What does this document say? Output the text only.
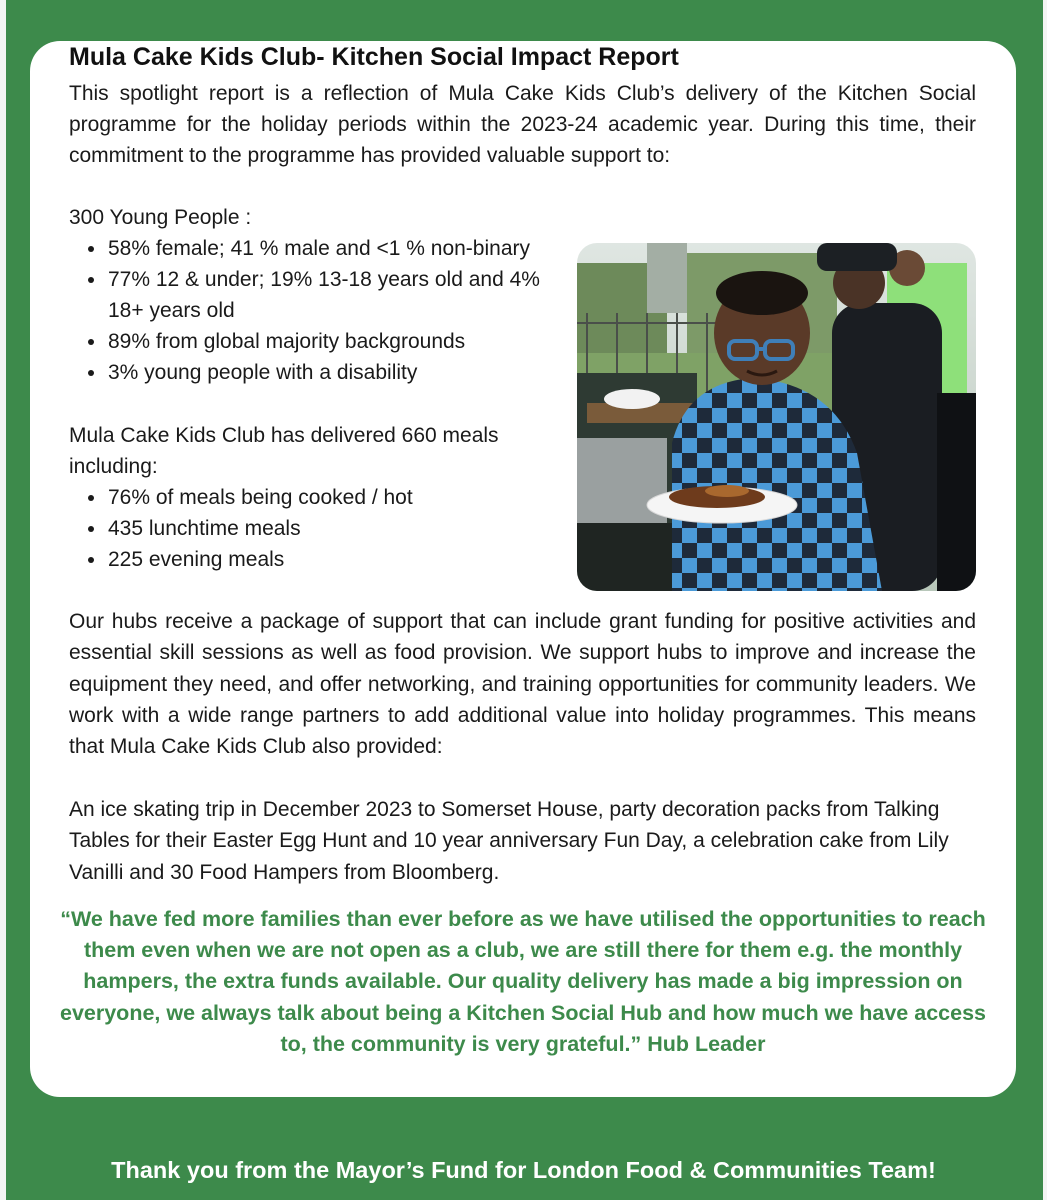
Mula Cake Kids Club- Kitchen Social Impact Report
This spotlight report is a reflection of Mula Cake Kids Club’s delivery of the Kitchen Social programme for the holiday periods within the 2023-24 academic year. During this time, their commitment to the programme has provided valuable support to:
300 Young People :
58% female; 41 % male and <1 % non-binary
77% 12 & under; 19% 13-18 years old and 4% 18+ years old
89% from global majority backgrounds
3% young people with a disability
Mula Cake Kids Club has delivered 660 meals including:
76% of meals being cooked / hot
435 lunchtime meals
225 evening meals
Our hubs receive a package of support that can include grant funding for positive activities and essential skill sessions as well as food provision. We support hubs to improve and increase the equipment they need, and offer networking, and training opportunities for community leaders. We work with a wide range partners to add additional value into holiday programmes. This means that Mula Cake Kids Club also provided:
An ice skating trip in December 2023 to Somerset House, party decoration packs from Talking Tables for their Easter Egg Hunt and 10 year anniversary Fun Day, a celebration cake from Lily Vanilli and 30 Food Hampers from Bloomberg.
“We have fed more families than ever before as we have utilised the opportunities to reach them even when we are not open as a club, we are still there for them e.g. the monthly hampers, the extra funds available. Our quality delivery has made a big impression on everyone, we always talk about being a Kitchen Social Hub and how much we have access to, the community is very grateful.” Hub Leader
Thank you from the Mayor’s Fund for London Food & Communities Team!
